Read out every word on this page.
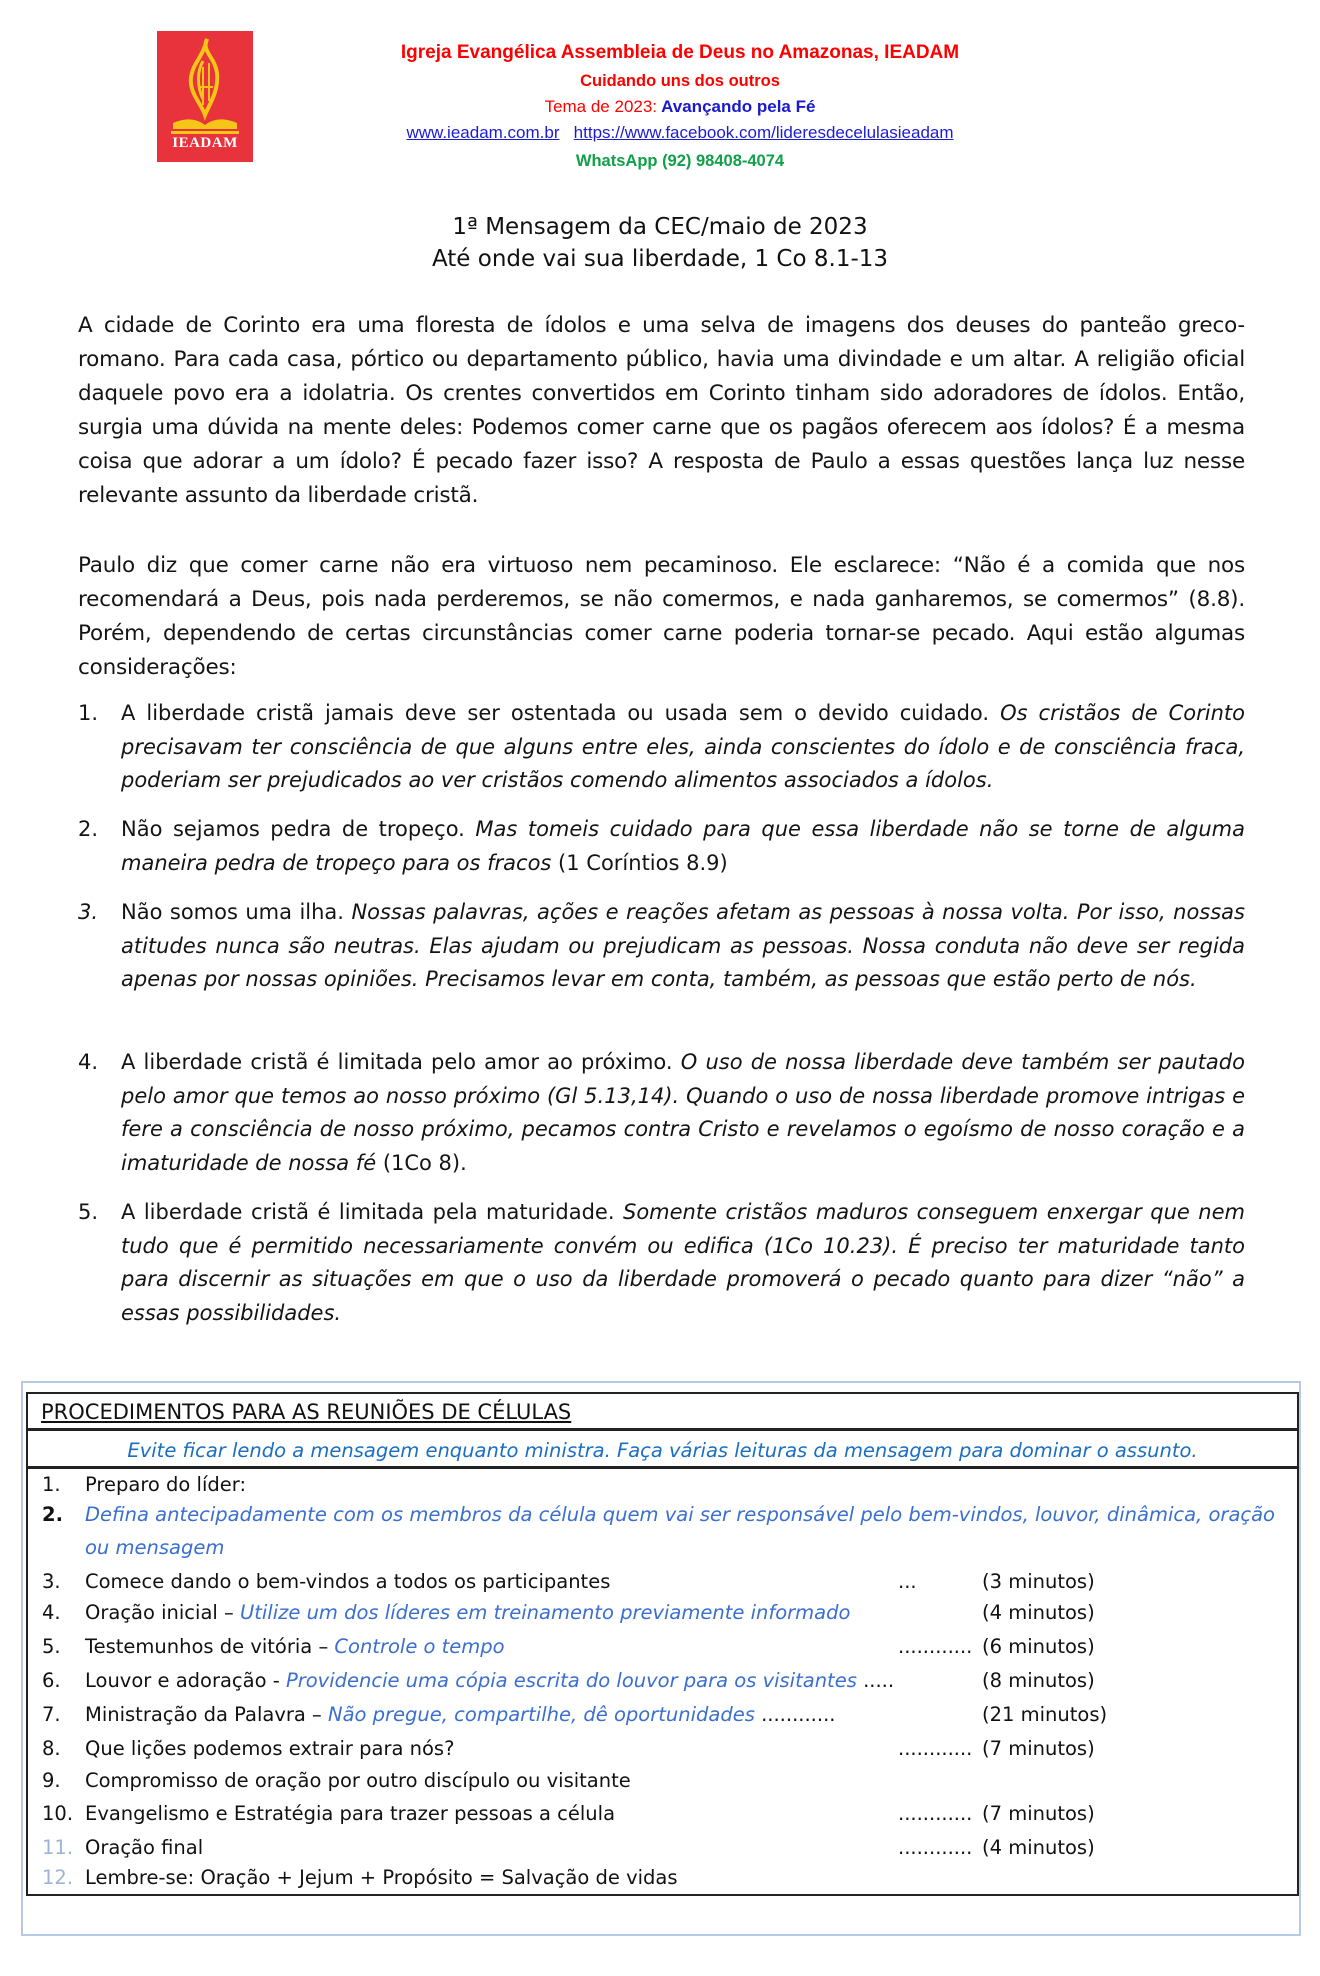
IEADAM
Igreja Evangélica Assembleia de Deus no Amazonas, IEADAM
Cuidando uns dos outros
Tema de 2023: Avançando pela Fé
www.ieadam.com.br https://www.facebook.com/lideresdecelulasieadam
WhatsApp (92) 98408-4074
1ª Mensagem da CEC/maio de 2023
Até onde vai sua liberdade, 1 Co 8.1-13
A cidade de Corinto era uma floresta de ídolos e uma selva de imagens dos deuses do panteão greco-romano. Para cada casa, pórtico ou departamento público, havia uma divindade e um altar. A religião oficial daquele povo era a idolatria. Os crentes convertidos em Corinto tinham sido adoradores de ídolos. Então, surgia uma dúvida na mente deles: Podemos comer carne que os pagãos oferecem aos ídolos? É a mesma coisa que adorar a um ídolo? É pecado fazer isso? A resposta de Paulo a essas questões lança luz nesse relevante assunto da liberdade cristã.
Paulo diz que comer carne não era virtuoso nem pecaminoso. Ele esclarece: “Não é a comida que nos recomendará a Deus, pois nada perderemos, se não comermos, e nada ganharemos, se comermos” (8.8). Porém, dependendo de certas circunstâncias comer carne poderia tornar-se pecado. Aqui estão algumas considerações:
1.	A liberdade cristã jamais deve ser ostentada ou usada sem o devido cuidado. Os cristãos de Corinto precisavam ter consciência de que alguns entre eles, ainda conscientes do ídolo e de consciência fraca, poderiam ser prejudicados ao ver cristãos comendo alimentos associados a ídolos.
2.	Não sejamos pedra de tropeço. Mas tomeis cuidado para que essa liberdade não se torne de alguma maneira pedra de tropeço para os fracos (1 Coríntios 8.9)
3.	Não somos uma ilha. Nossas palavras, ações e reações afetam as pessoas à nossa volta. Por isso, nossas atitudes nunca são neutras. Elas ajudam ou prejudicam as pessoas. Nossa conduta não deve ser regida apenas por nossas opiniões. Precisamos levar em conta, também, as pessoas que estão perto de nós.
4.	A liberdade cristã é limitada pelo amor ao próximo. O uso de nossa liberdade deve também ser pautado pelo amor que temos ao nosso próximo (Gl 5.13,14). Quando o uso de nossa liberdade promove intrigas e fere a consciência de nosso próximo, pecamos contra Cristo e revelamos o egoísmo de nosso coração e a imaturidade de nossa fé (1Co 8).
5.	A liberdade cristã é limitada pela maturidade. Somente cristãos maduros conseguem enxergar que nem tudo que é permitido necessariamente convém ou edifica (1Co 10.23). É preciso ter maturidade tanto para discernir as situações em que o uso da liberdade promoverá o pecado quanto para dizer “não” a essas possibilidades.
PROCEDIMENTOS PARA AS REUNIÕES DE CÉLULAS
Evite ficar lendo a mensagem enquanto ministra. Faça várias leituras da mensagem para dominar o assunto.
1. Preparo do líder:
2.	Defina antecipadamente com os membros da célula quem vai ser responsável pelo bem-vindos, louvor, dinâmica, oração ou mensagem
3. Comece dando o bem-vindos a todos os participantes	...	(3 minutos)
4. Oração inicial – Utilize um dos líderes em treinamento previamente informado	(4 minutos)
5. Testemunhos de vitória – Controle o tempo	............ (6 minutos)
6. Louvor e adoração - Providencie uma cópia escrita do louvor para os visitantes .....	(8 minutos)
7. Ministração da Palavra – Não pregue, compartilhe, dê oportunidades ............	(21 minutos)
8. Que lições podemos extrair para nós?	............ (7 minutos)
9. Compromisso de oração por outro discípulo ou visitante
10. Evangelismo e Estratégia para trazer pessoas a célula	............ (7 minutos)
11. Oração final	............ (4 minutos)
12. Lembre-se: Oração + Jejum + Propósito = Salvação de vidas
